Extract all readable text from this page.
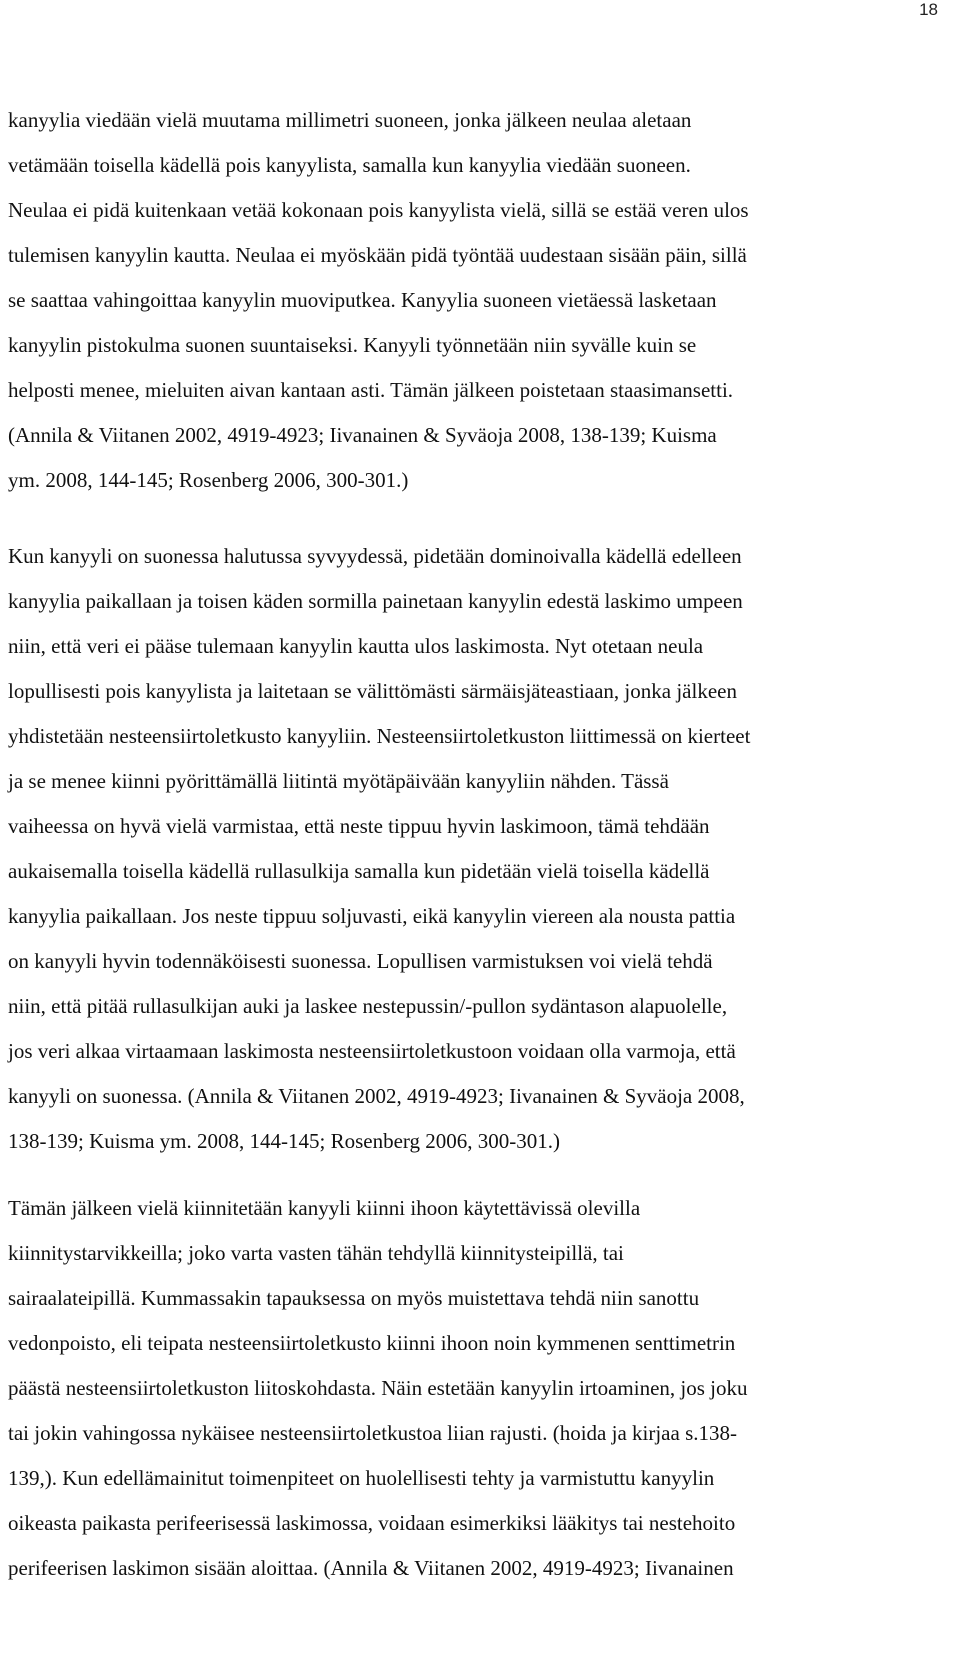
18
kanyylia viedään vielä muutama millimetri suoneen, jonka jälkeen neulaa aletaan
vetämään toisella kädellä pois kanyylista, samalla kun kanyylia viedään suoneen.
Neulaa ei pidä kuitenkaan vetää kokonaan pois kanyylista vielä, sillä se estää veren ulos
tulemisen kanyylin kautta. Neulaa ei myöskään pidä työntää uudestaan sisään päin, sillä
se saattaa vahingoittaa kanyylin muoviputkea. Kanyylia suoneen vietäessä lasketaan
kanyylin pistokulma suonen suuntaiseksi. Kanyyli työnnetään niin syvälle kuin se
helposti menee, mieluiten aivan kantaan asti. Tämän jälkeen poistetaan staasimansetti.
(Annila & Viitanen 2002, 4919-4923; Iivanainen & Syväoja 2008, 138-139; Kuisma
ym. 2008, 144-145; Rosenberg 2006, 300-301.)
Kun kanyyli on suonessa halutussa syvyydessä, pidetään dominoivalla kädellä edelleen
kanyylia paikallaan ja toisen käden sormilla painetaan kanyylin edestä laskimo umpeen
niin, että veri ei pääse tulemaan kanyylin kautta ulos laskimosta. Nyt otetaan neula
lopullisesti pois kanyylista ja laitetaan se välittömästi särmäisjäteastiaan, jonka jälkeen
yhdistetään nesteensiirtoletkusto kanyyliin. Nesteensiirtoletkuston liittimessä on kierteet
ja se menee kiinni pyörittämällä liitintä myötäpäivään kanyyliin nähden. Tässä
vaiheessa on hyvä vielä varmistaa, että neste tippuu hyvin laskimoon, tämä tehdään
aukaisemalla toisella kädellä rullasulkija samalla kun pidetään vielä toisella kädellä
kanyylia paikallaan. Jos neste tippuu soljuvasti, eikä kanyylin viereen ala nousta pattia
on kanyyli hyvin todennäköisesti suonessa. Lopullisen varmistuksen voi vielä tehdä
niin, että pitää rullasulkijan auki ja laskee nestepussin/-pullon sydäntason alapuolelle,
jos veri alkaa virtaamaan laskimosta nesteensiirtoletkustoon voidaan olla varmoja, että
kanyyli on suonessa. (Annila & Viitanen 2002, 4919-4923; Iivanainen & Syväoja 2008,
138-139; Kuisma ym. 2008, 144-145; Rosenberg 2006, 300-301.)
Tämän jälkeen vielä kiinnitetään kanyyli kiinni ihoon käytettävissä olevilla
kiinnitystarvikkeilla; joko varta vasten tähän tehdyllä kiinnitysteipillä, tai
sairaalateipillä. Kummassakin tapauksessa on myös muistettava tehdä niin sanottu
vedonpoisto, eli teipata nesteensiirtoletkusto kiinni ihoon noin kymmenen senttimetrin
päästä nesteensiirtoletkuston liitoskohdasta. Näin estetään kanyylin irtoaminen, jos joku
tai jokin vahingossa nykäisee nesteensiirtoletkustoa liian rajusti. (hoida ja kirjaa s.138-
139,). Kun edellämainitut toimenpiteet on huolellisesti tehty ja varmistuttu kanyylin
oikeasta paikasta perifeerisessä laskimossa, voidaan esimerkiksi lääkitys tai nestehoito
perifeerisen laskimon sisään aloittaa. (Annila & Viitanen 2002, 4919-4923; Iivanainen
